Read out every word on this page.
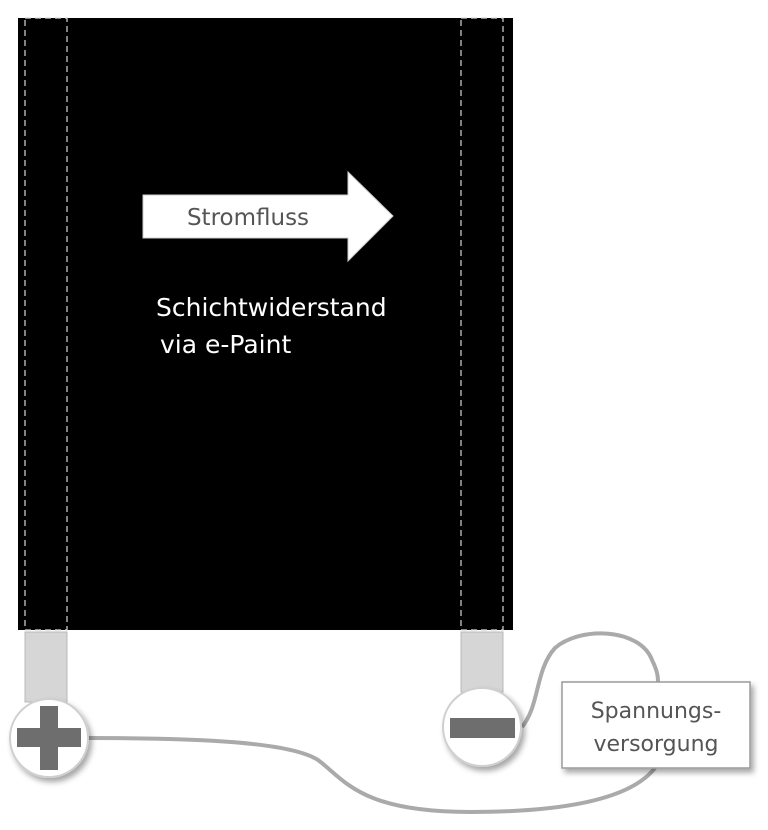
Stromfluss
Schichtwiderstand
via e-Paint
Spannungs-
versorgung
